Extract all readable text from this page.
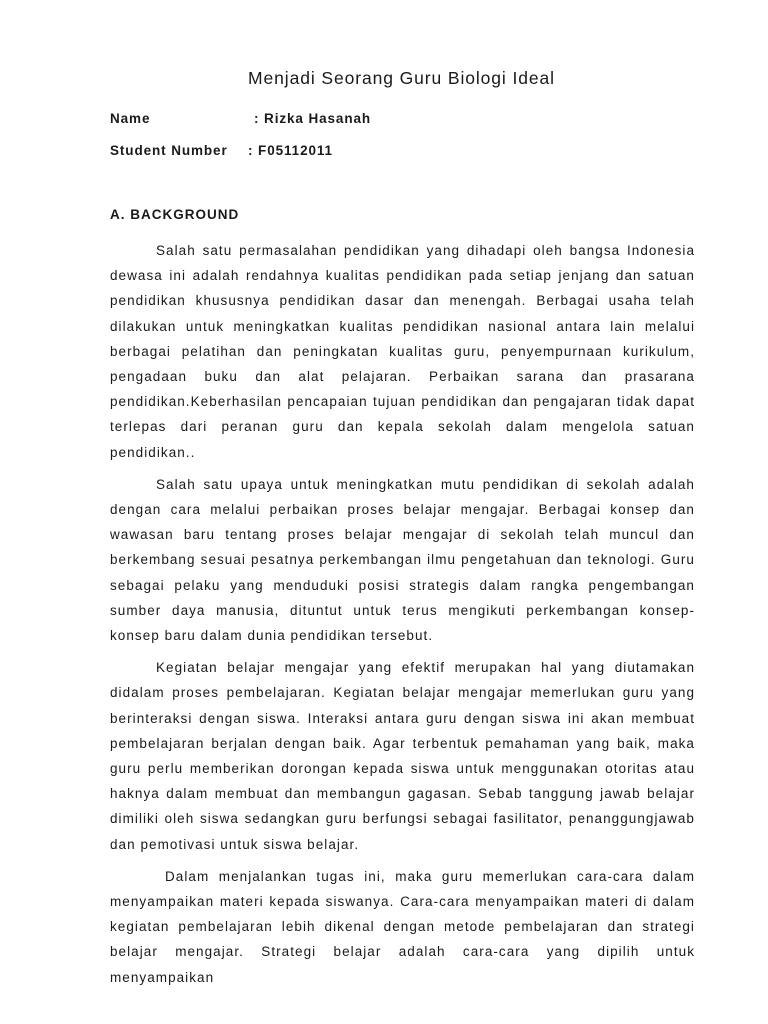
Menjadi Seorang Guru Biologi Ideal
Name	: Rizka Hasanah
Student Number : F05112011
A. BACKGROUND

Salah satu permasalahan pendidikan yang dihadapi oleh bangsa Indonesia dewasa ini adalah rendahnya kualitas pendidikan pada setiap jenjang dan satuan pendidikan khususnya pendidikan dasar dan menengah. Berbagai usaha telah dilakukan untuk meningkatkan kualitas pendidikan nasional antara lain melalui berbagai pelatihan dan peningkatan kualitas guru, penyempurnaan kurikulum, pengadaan buku dan alat pelajaran. Perbaikan sarana dan prasarana pendidikan.Keberhasilan pencapaian tujuan pendidikan dan pengajaran tidak dapat terlepas dari peranan guru dan kepala sekolah dalam mengelola satuan pendidikan..

Salah satu upaya untuk meningkatkan mutu pendidikan di sekolah adalah dengan cara melalui perbaikan proses belajar mengajar. Berbagai konsep dan wawasan baru tentang proses belajar mengajar di sekolah telah muncul dan berkembang sesuai pesatnya perkembangan ilmu pengetahuan dan teknologi. Guru sebagai pelaku yang menduduki posisi strategis dalam rangka pengembangan sumber daya manusia, dituntut untuk terus mengikuti perkembangan konsep-konsep baru dalam dunia pendidikan tersebut.

Kegiatan belajar mengajar yang efektif merupakan hal yang diutamakan didalam proses pembelajaran. Kegiatan belajar mengajar memerlukan guru yang berinteraksi dengan siswa. Interaksi antara guru dengan siswa ini akan membuat pembelajaran berjalan dengan baik. Agar terbentuk pemahaman yang baik, maka guru perlu memberikan dorongan kepada siswa untuk menggunakan otoritas atau haknya dalam membuat dan membangun gagasan. Sebab tanggung jawab belajar dimiliki oleh siswa sedangkan guru berfungsi sebagai fasilitator, penanggungjawab dan pemotivasi untuk siswa belajar.

Dalam menjalankan tugas ini, maka guru memerlukan cara-cara dalam menyampaikan materi kepada siswanya. Cara-cara menyampaikan materi di dalam kegiatan pembelajaran lebih dikenal dengan metode pembelajaran dan strategi belajar mengajar. Strategi belajar adalah cara-cara yang dipilih untuk menyampaikan
